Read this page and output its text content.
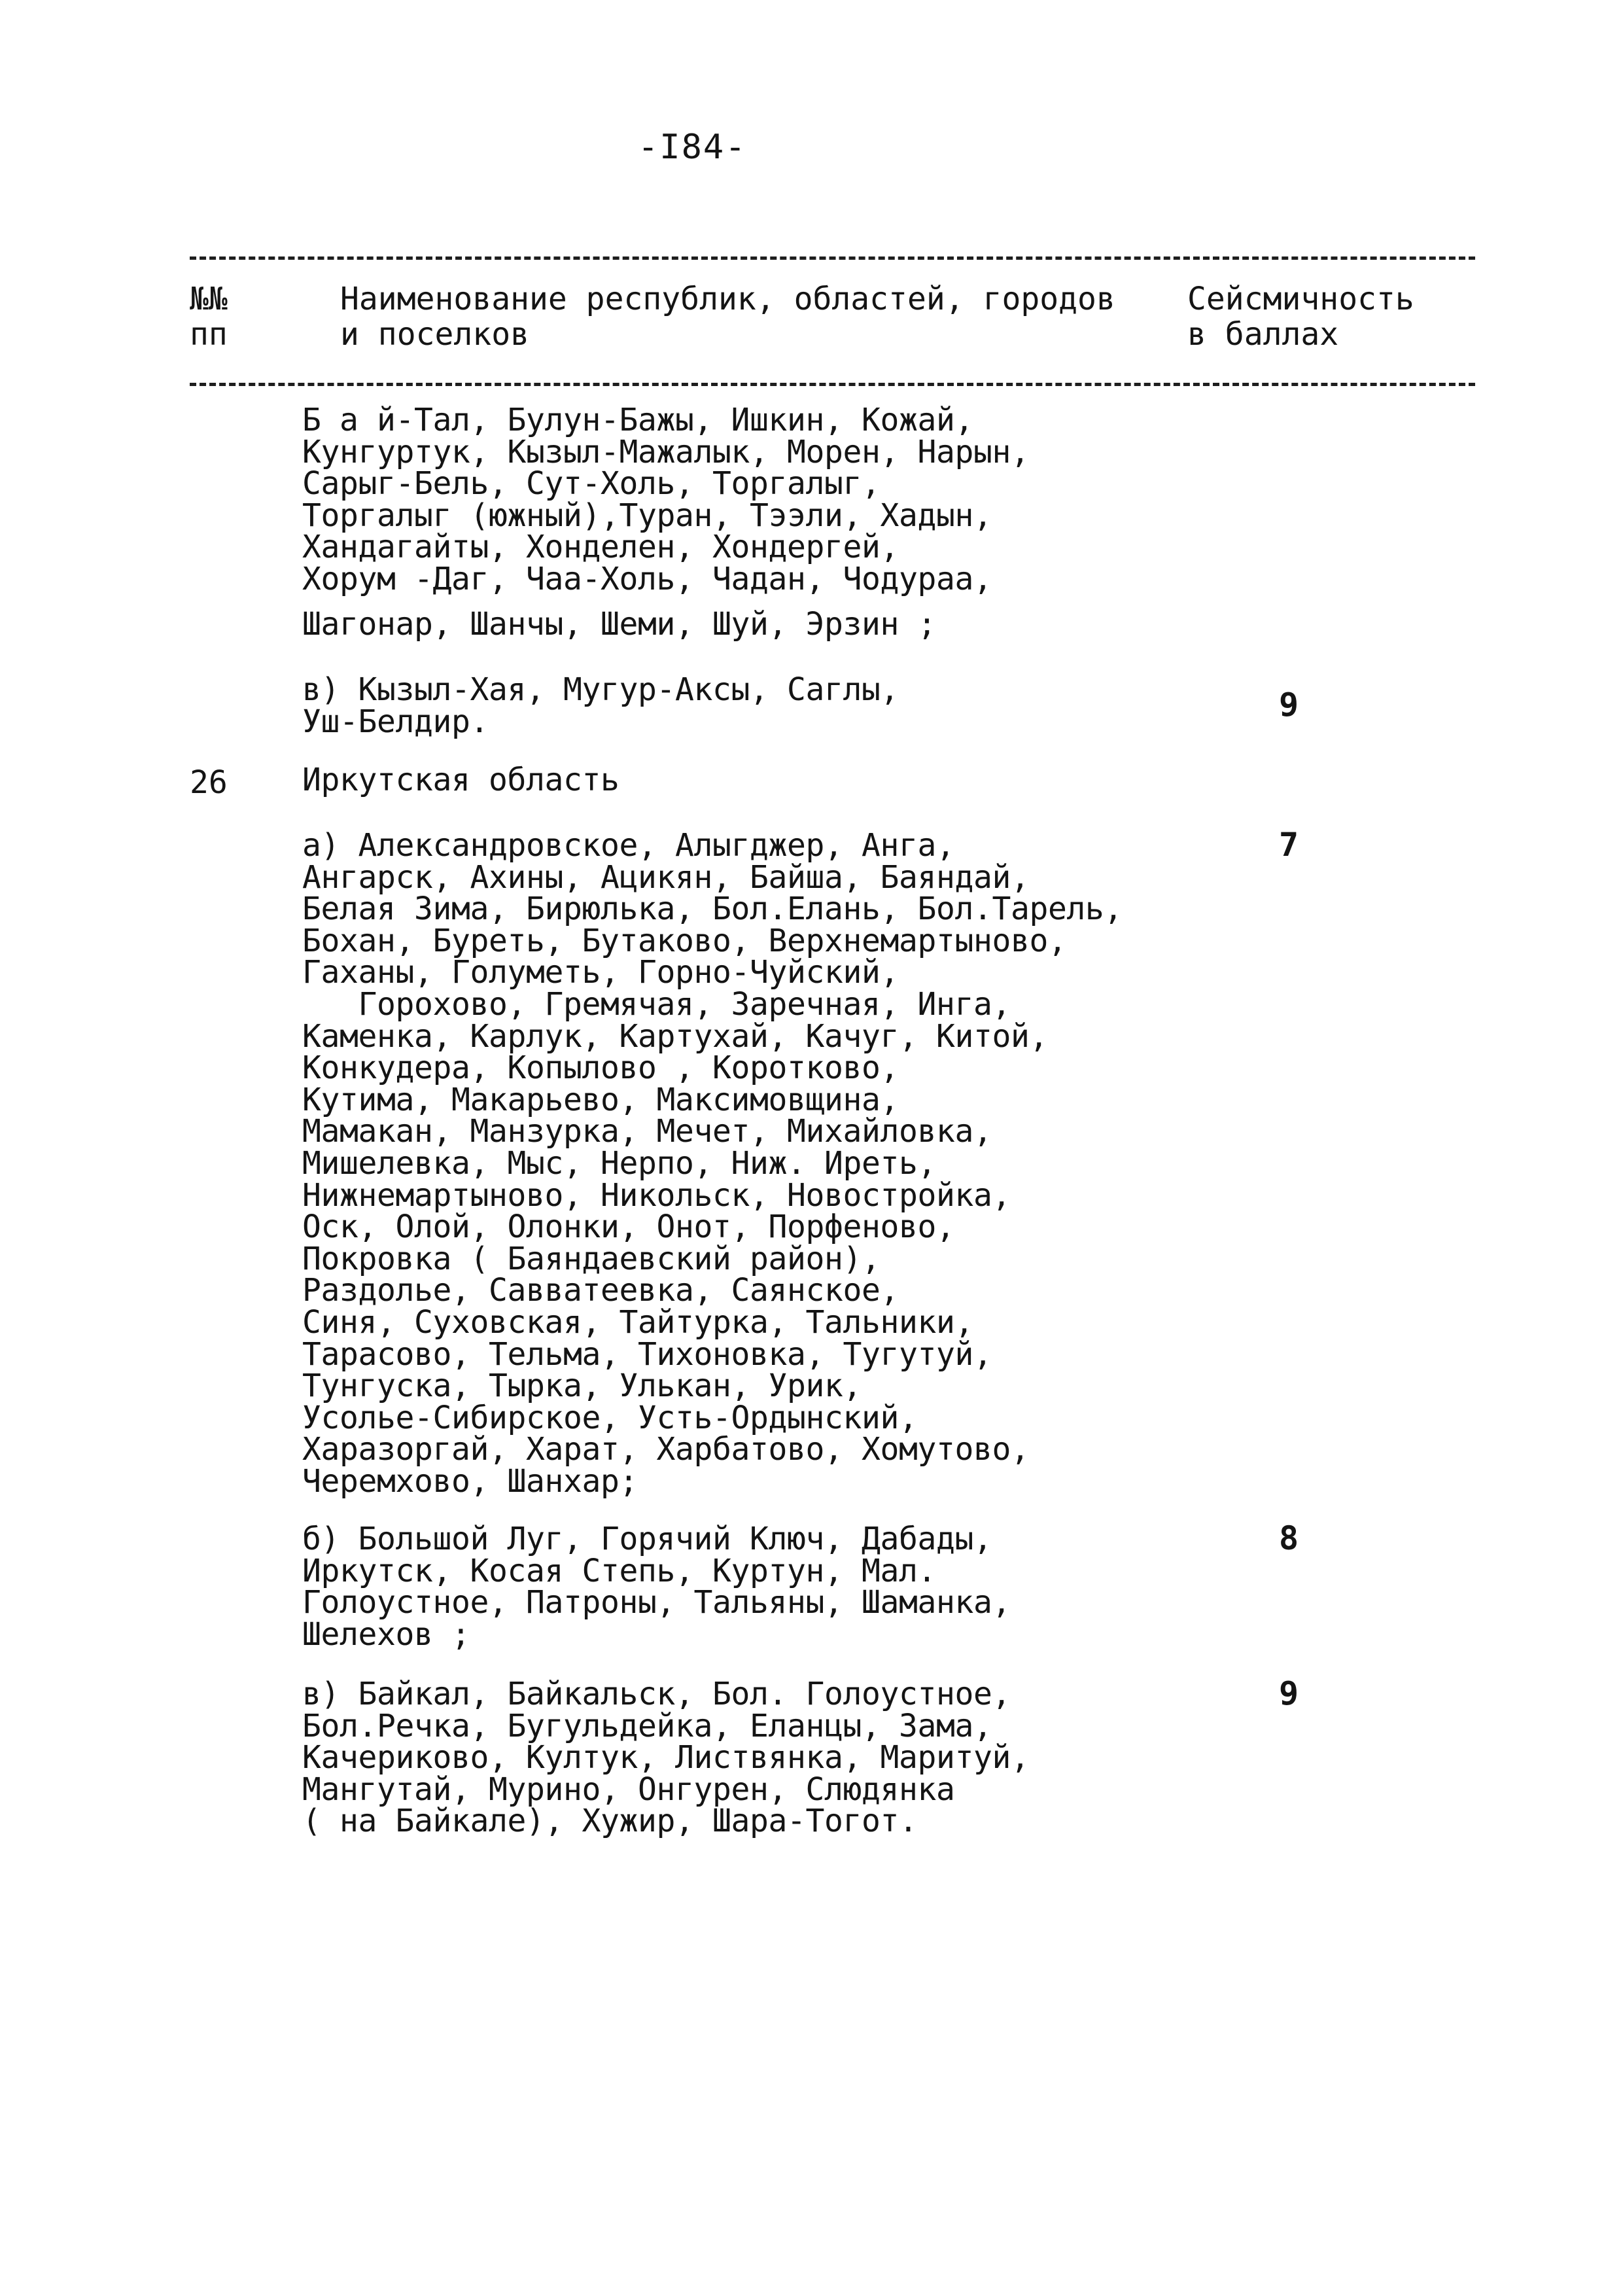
-I84-
№№
пп
Наименование республик, областей, городов
и поселков
Сейсмичность
в баллах
Б а й-Тал, Булун-Бажы, Ишкин, Кожай,
Кунгуртук, Кызыл-Мажалык, Морен, Нарын,
Сарыг-Бель, Сут-Холь, Торгалыг,
Торгалыг (южный),Туран, Тээли, Хадын,
Хандагайты, Хонделен, Хондергей,
Хорум -Даг, Чаа-Холь, Чадан, Чодураа,
Шагонар, Шанчы, Шеми, Шуй, Эрзин ;
в) Кызыл-Хая, Мугур-Аксы, Саглы,
Уш-Белдир.	9
26 Иркутская область
а) Александровское, Алыгджер, Анга,
Ангарск, Ахины, Ацикян, Байша, Баяндай,
Белая Зима, Бирюлька, Бол.Елань, Бол.Тарель,
Бохан, Буреть, Бутаково, Верхнемартыново,
Гаханы, Голуметь, Горно-Чуйский,
Горохово, Гремячая, Заречная, Инга,
Каменка, Карлук, Картухай, Качуг, Китой,
Конкудера, Копылово , Коротково,
Кутима, Макарьево, Максимовщина,
Мамакан, Манзурка, Мечет, Михайловка,
Мишелевка, Мыс, Нерпо, Ниж. Иреть,
Нижнемартыново, Никольск, Новостройка,
Оск, Олой, Олонки, Онот, Порфеново,
Покровка ( Баяндаевский район),
Раздолье, Савватеевка, Саянское,
Синя, Суховская, Тайтурка, Тальники,
Тарасово, Тельма, Тихоновка, Тугутуй,
Тунгуска, Тырка, Улькан, Урик,
Усолье-Сибирское, Усть-Ордынский,
Харазоргай, Харат, Харбатово, Хомутово,
Черемхово, Шанхар;
7
б) Большой Луг, Горячий Ключ, Дабады,
Иркутск, Косая Степь, Куртун, Мал.
Голоустное, Патроны, Тальяны, Шаманка,
Шелехов ;
8
в) Байкал, Байкальск, Бол. Голоустное,
Бол.Речка, Бугульдейка, Еланцы, Зама,
Качериково, Култук, Листвянка, Маритуй,
Мангутай, Мурино, Онгурен, Слюдянка
( на Байкале), Хужир, Шара-Тогот.
9
